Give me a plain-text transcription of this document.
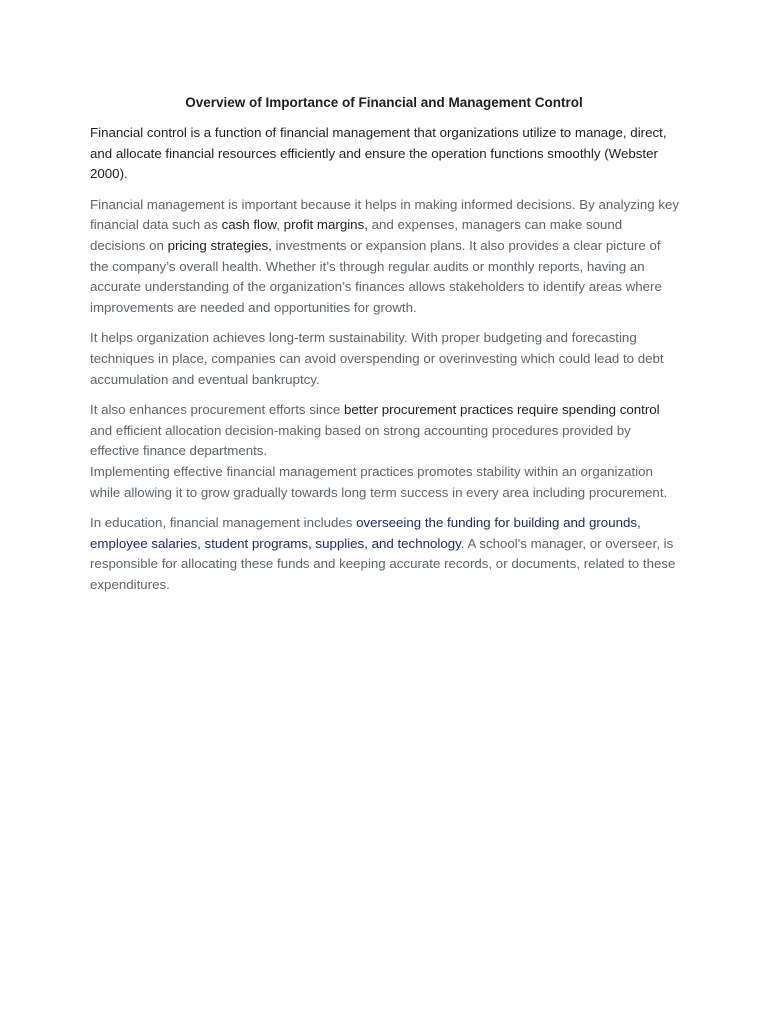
Overview of Importance of Financial and Management Control

Financial control is a function of financial management that organizations utilize to manage, direct, and allocate financial resources efficiently and ensure the operation functions smoothly (Webster 2000).

Financial management is important because it helps in making informed decisions. By analyzing key financial data such as cash flow, profit margins, and expenses, managers can make sound decisions on pricing strategies, investments or expansion plans. It also provides a clear picture of the company’s overall health. Whether it’s through regular audits or monthly reports, having an accurate understanding of the organization’s finances allows stakeholders to identify areas where improvements are needed and opportunities for growth.

It helps organization achieves long-term sustainability. With proper budgeting and forecasting techniques in place, companies can avoid overspending or overinvesting which could lead to debt accumulation and eventual bankruptcy.

It also enhances procurement efforts since better procurement practices require spending control and efficient allocation decision-making based on strong accounting procedures provided by effective finance departments.
Implementing effective financial management practices promotes stability within an organization while allowing it to grow gradually towards long term success in every area including procurement.

In education, financial management includes overseeing the funding for building and grounds, employee salaries, student programs, supplies, and technology. A school's manager, or overseer, is responsible for allocating these funds and keeping accurate records, or documents, related to these expenditures.
